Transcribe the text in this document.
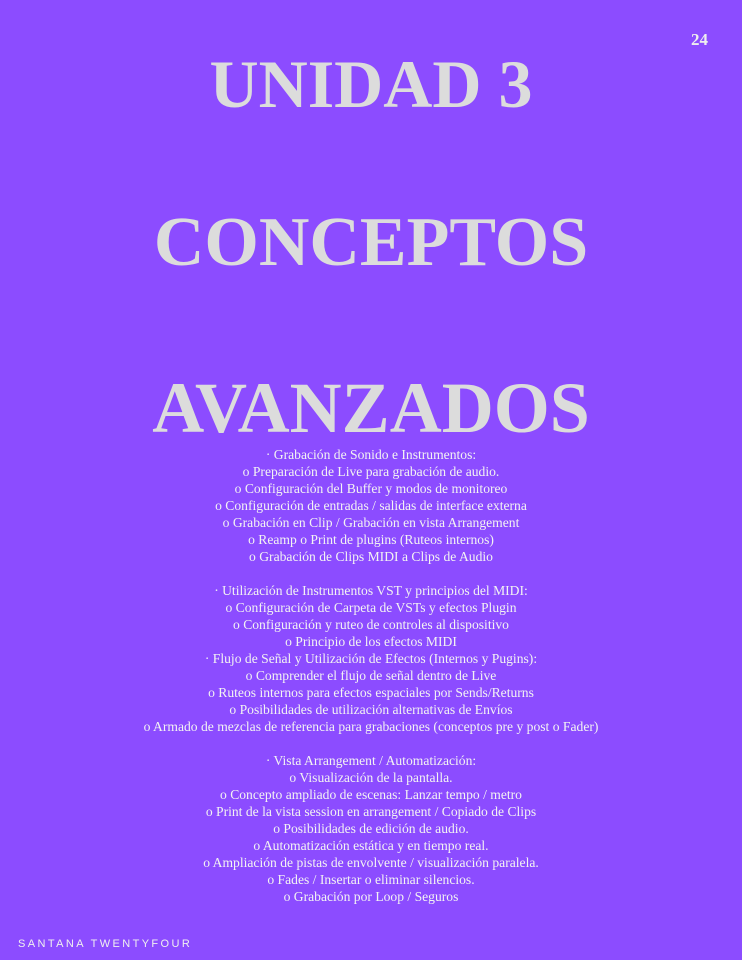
24
UNIDAD 3
CONCEPTOS
AVANZADOS
· Grabación de Sonido e Instrumentos:
o Preparación de Live para grabación de audio.
o Configuración del Buffer y modos de monitoreo
o Configuración de entradas / salidas de interface externa
o Grabación en Clip / Grabación en vista Arrangement
o Reamp o Print de plugins (Ruteos internos)
o Grabación de Clips MIDI a Clips de Audio
· Utilización de Instrumentos VST y principios del MIDI:
o Configuración de Carpeta de VSTs y efectos Plugin
o Configuración y ruteo de controles al dispositivo
o Principio de los efectos MIDI
· Flujo de Señal y Utilización de Efectos (Internos y Pugins):
o Comprender el flujo de señal dentro de Live
o Ruteos internos para efectos espaciales por Sends/Returns
o Posibilidades de utilización alternativas de Envíos
o Armado de mezclas de referencia para grabaciones (conceptos pre y post o Fader)
· Vista Arrangement / Automatización:
o Visualización de la pantalla.
o Concepto ampliado de escenas: Lanzar tempo / metro
o Print de la vista session en arrangement / Copiado de Clips
o Posibilidades de edición de audio.
o Automatización estática y en tiempo real.
o Ampliación de pistas de envolvente / visualización paralela.
o Fades / Insertar o eliminar silencios.
o Grabación por Loop / Seguros
SANTANA TWENTYFOUR
